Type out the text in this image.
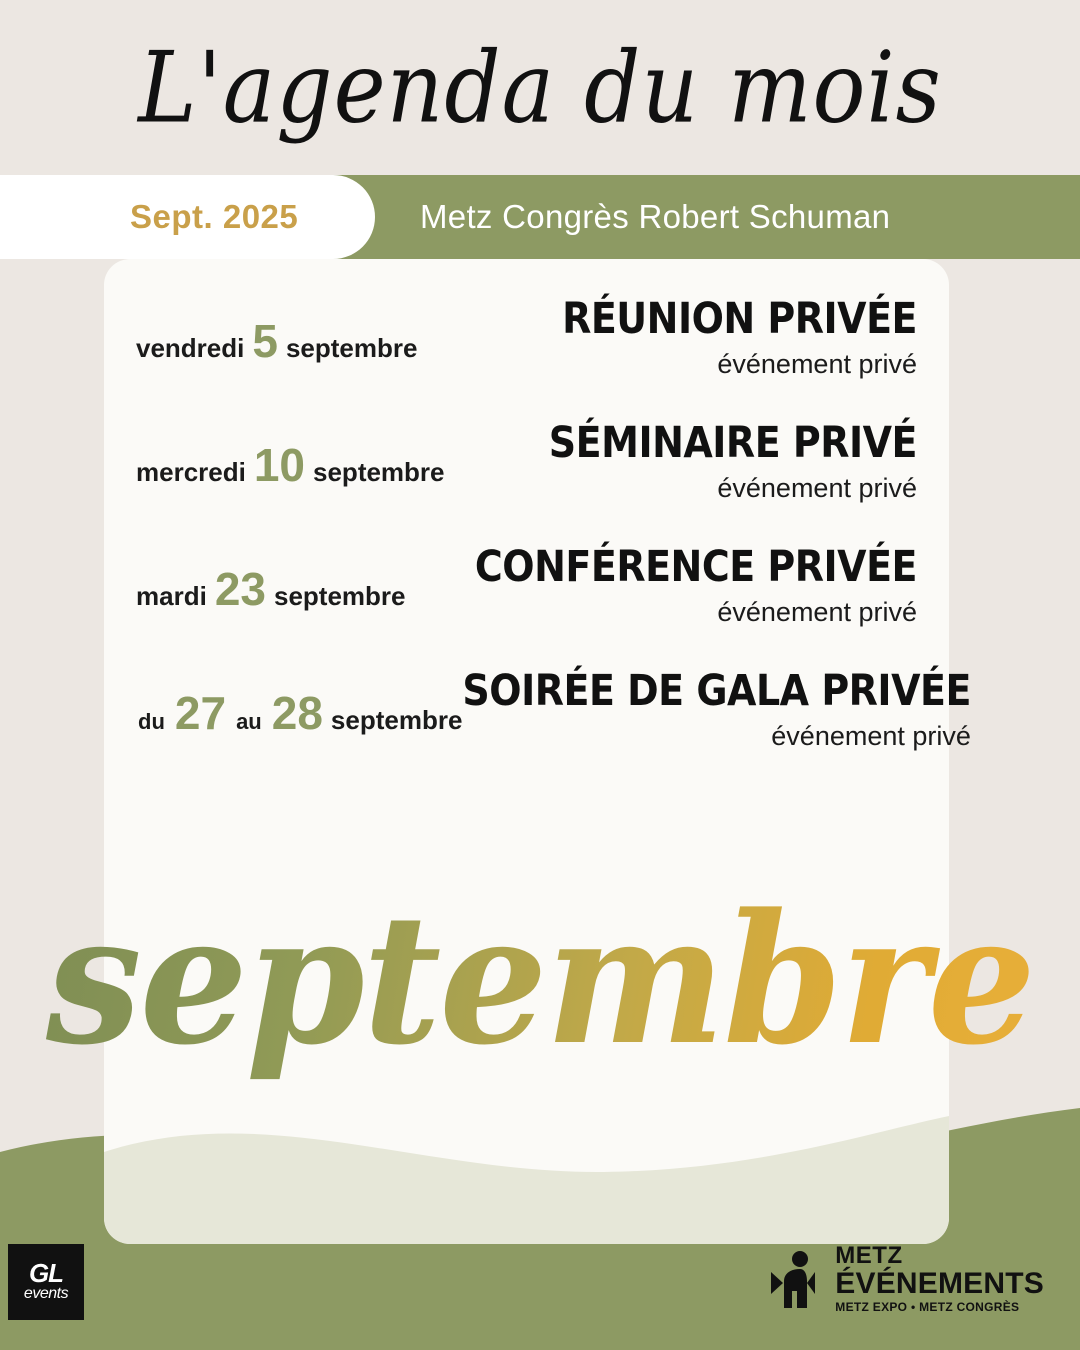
L'agenda du mois
Sept. 2025	Metz Congrès Robert Schuman
vendredi 5 septembre
RÉUNION PRIVÉE
événement privé
mercredi 10 septembre
SÉMINAIRE PRIVÉ
événement privé
mardi 23 septembre
CONFÉRENCE PRIVÉE
événement privé
du 27 au 28 septembre
SOIRÉE DE GALA PRIVÉE
événement privé
septembre
GL
events
METZ
ÉVÉNEMENTS
METZ EXPO • METZ CONGRÈS
